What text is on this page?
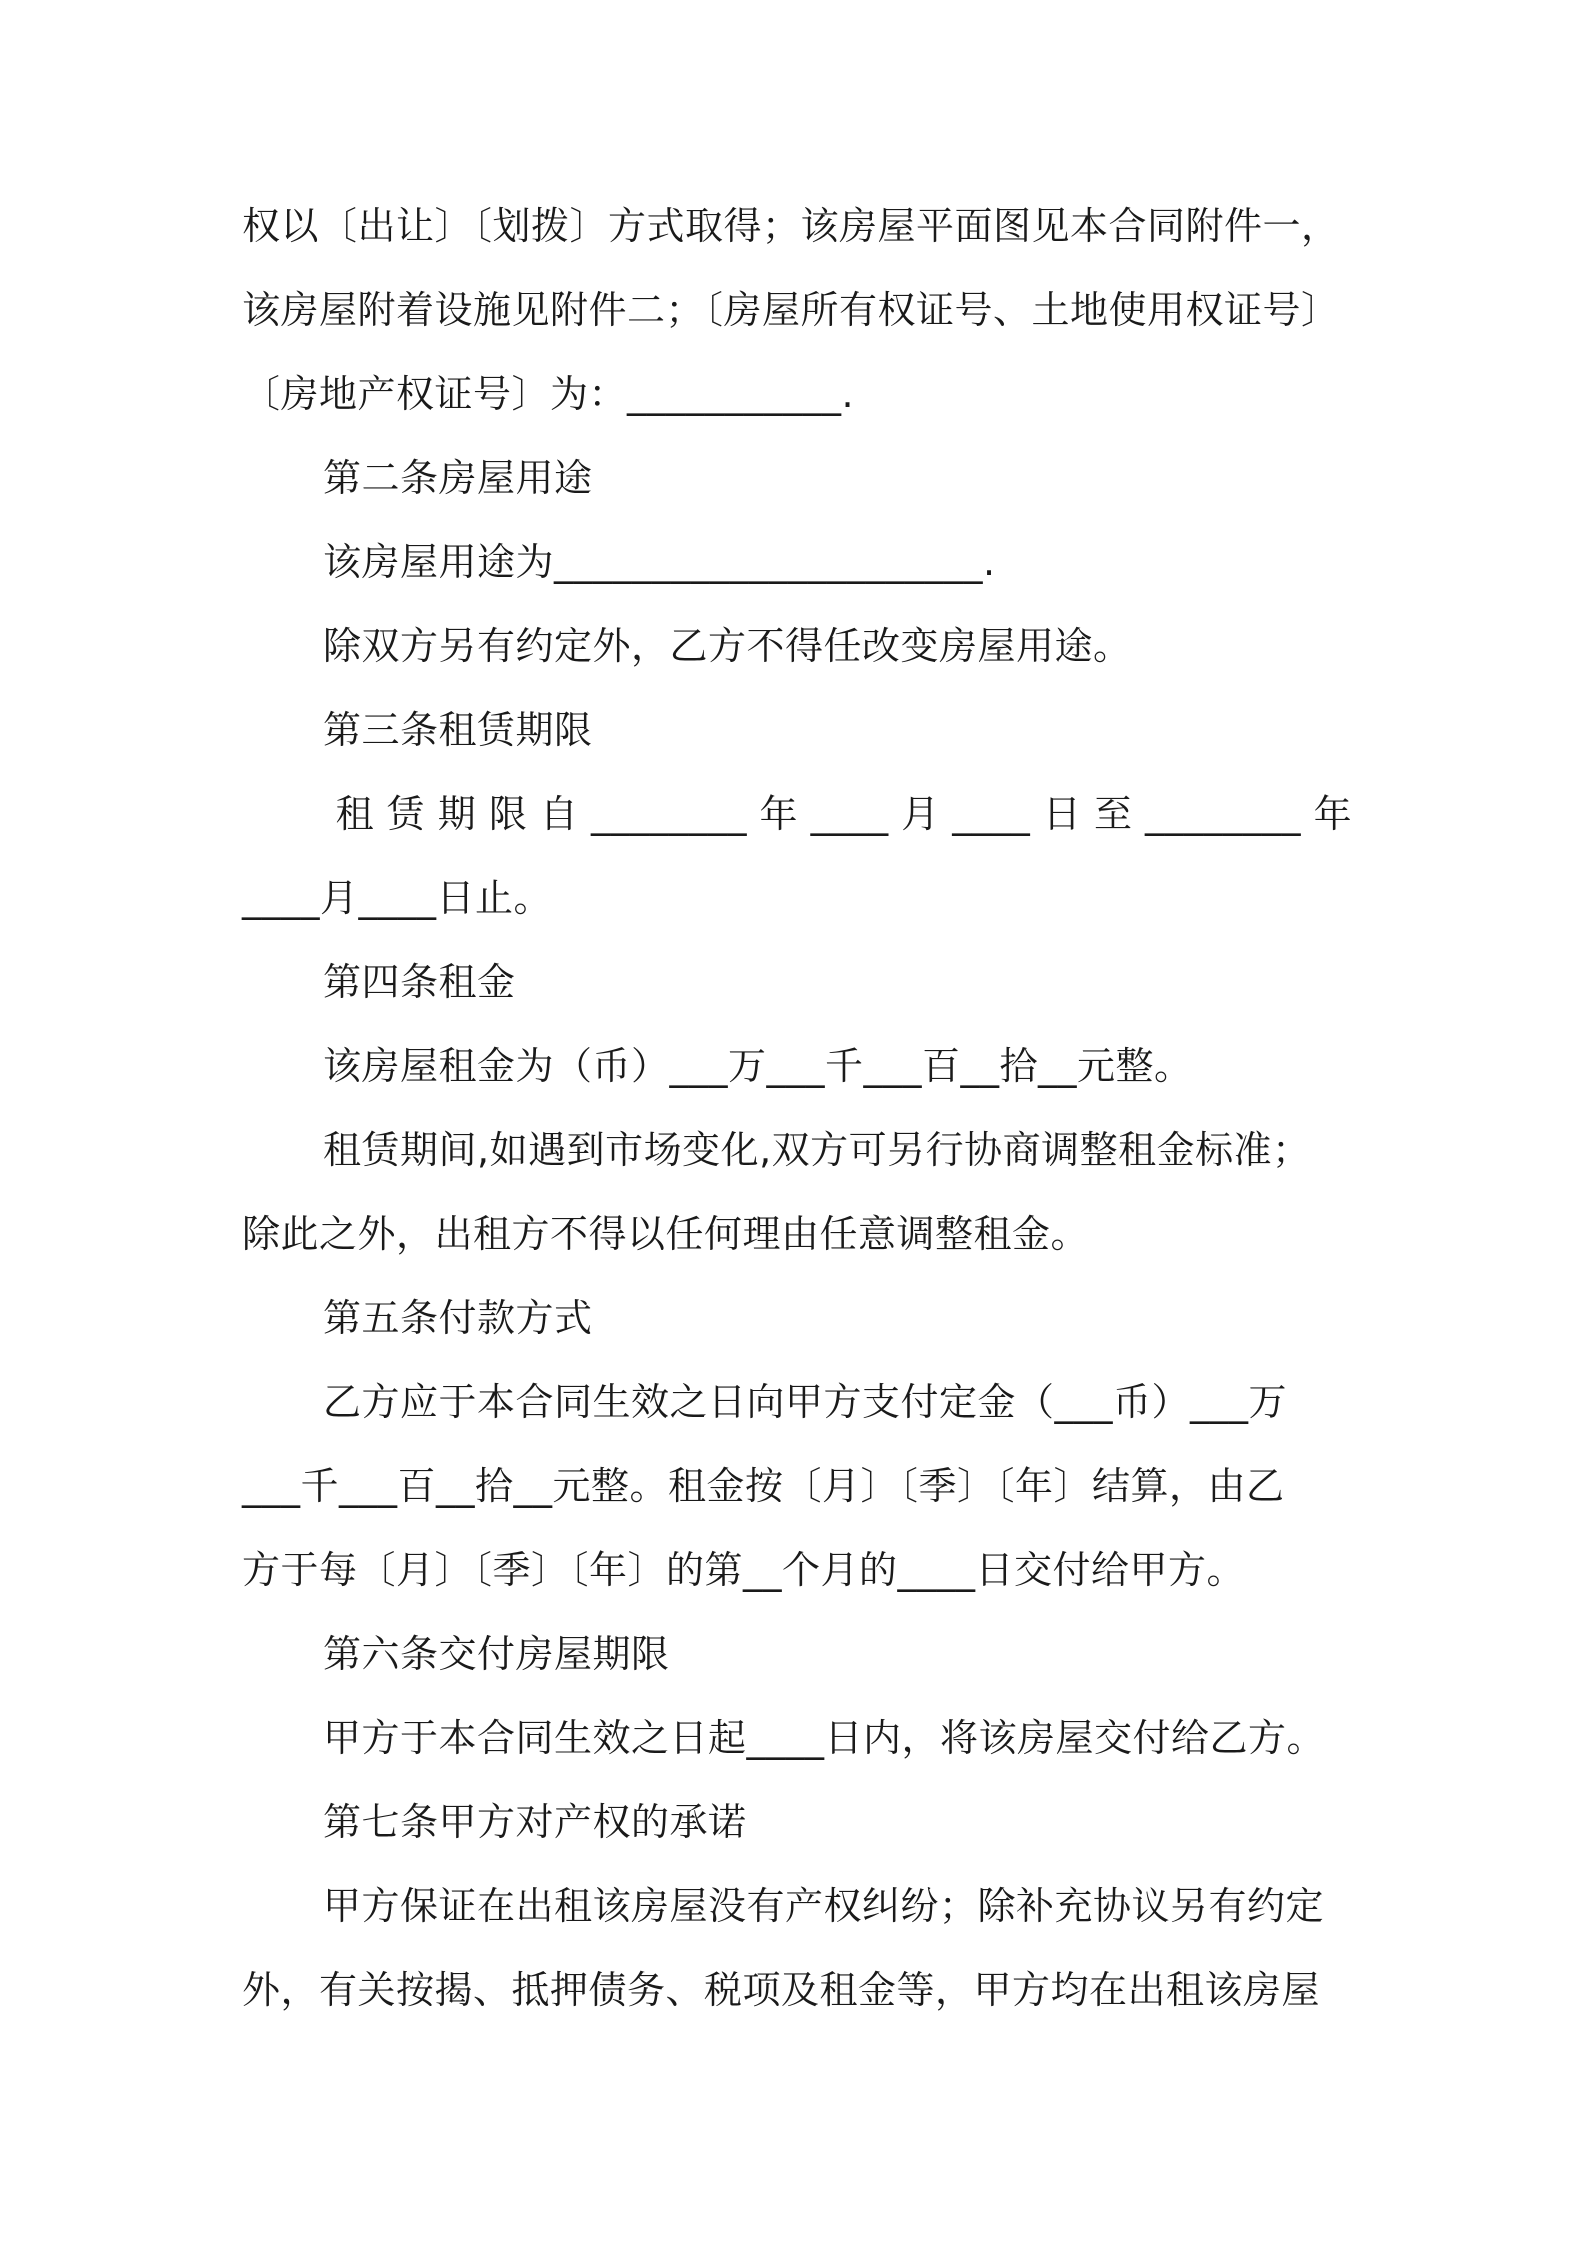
权以〔出让〕〔划拨〕方式取得；该房屋平面图见本合同附件一，
该房屋附着设施见附件二；〔房屋所有权证号、土地使用权证号〕
〔房地产权证号〕为：___________.
第二条房屋用途
该房屋用途为______________________.
除双方另有约定外，乙方不得任改变房屋用途。
第三条租赁期限
租 赁 期 限 自 ________ 年 ____ 月 ____ 日 至 ________ 年
____月____日止。
第四条租金
该房屋租金为（币）___万___千___百__拾__元整。
租赁期间,如遇到市场变化,双方可另行协商调整租金标准；
除此之外，出租方不得以任何理由任意调整租金。
第五条付款方式
乙方应于本合同生效之日向甲方支付定金（___币）___万
___千___百__拾__元整。租金按〔月〕〔季〕〔年〕结算，由乙
方于每〔月〕〔季〕〔年〕的第__个月的____日交付给甲方。
第六条交付房屋期限
甲方于本合同生效之日起____日内，将该房屋交付给乙方。
第七条甲方对产权的承诺
甲方保证在出租该房屋没有产权纠纷；除补充协议另有约定
外，有关按揭、抵押债务、税项及租金等，甲方均在出租该房屋
